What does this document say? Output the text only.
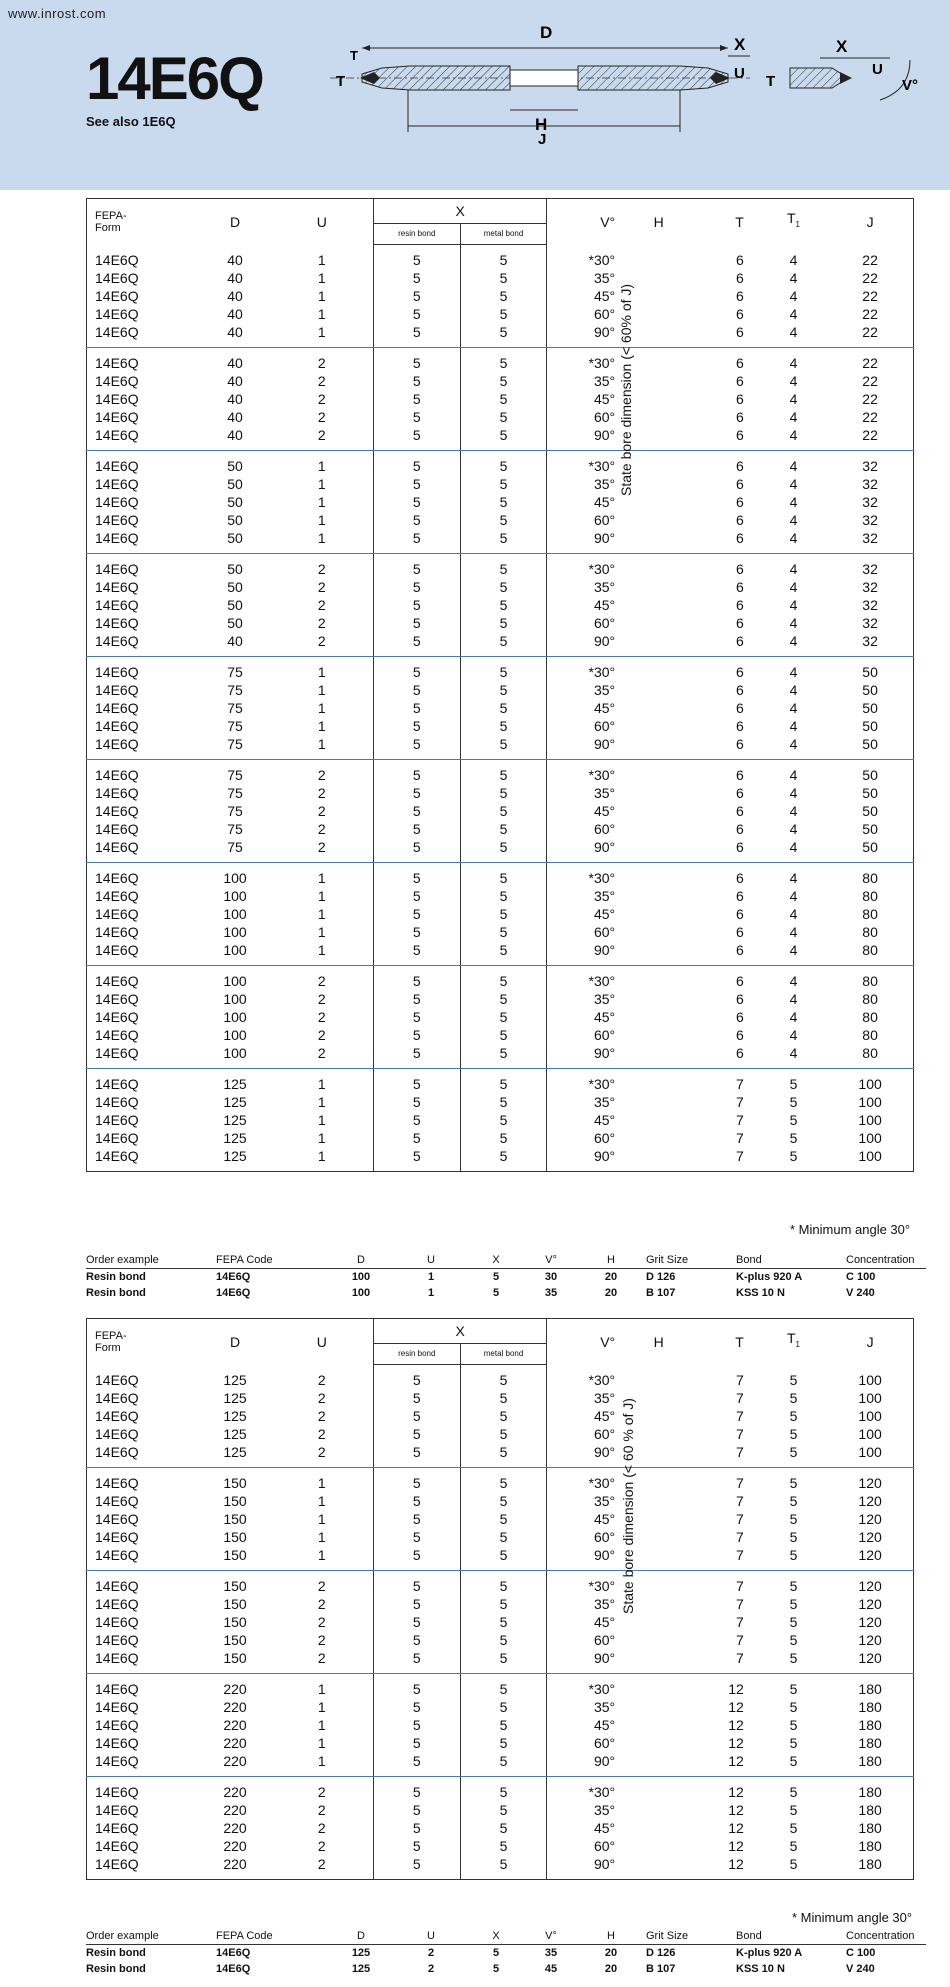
www.inrost.com
14E6Q
See also 1E6Q
D
X
H
J
T
T
U
X
T
U
V°
FEPA-
Form	D	U	X		V°	H	T	$T_1$	J
			resin bond	metal bond					
14E6Q	40	1	5	5	*30°		6	4	22
14E6Q	40	1	5	5	35°		6	4	22
14E6Q	40	1	5	5	45°		6	4	22
14E6Q	40	1	5	5	60°		6	4	22
14E6Q	40	1	5	5	90°		6	4	22
14E6Q	40	2	5	5	*30°		6	4	22
14E6Q	40	2	5	5	35°		6	4	22
14E6Q	40	2	5	5	45°		6	4	22
14E6Q	40	2	5	5	60°		6	4	22
14E6Q	40	2	5	5	90°		6	4	22
14E6Q	50	1	5	5	*30°		6	4	32
14E6Q	50	1	5	5	35°		6	4	32
14E6Q	50	1	5	5	45°		6	4	32
14E6Q	50	1	5	5	60°		6	4	32
14E6Q	50	1	5	5	90°		6	4	32
14E6Q	50	2	5	5	*30°		6	4	32
14E6Q	50	2	5	5	35°		6	4	32
14E6Q	50	2	5	5	45°		6	4	32
14E6Q	50	2	5	5	60°		6	4	32
14E6Q	40	2	5	5	90°		6	4	32
14E6Q	75	1	5	5	*30°		6	4	50
14E6Q	75	1	5	5	35°		6	4	50
14E6Q	75	1	5	5	45°		6	4	50
14E6Q	75	1	5	5	60°		6	4	50
14E6Q	75	1	5	5	90°		6	4	50
14E6Q	75	2	5	5	*30°		6	4	50
14E6Q	75	2	5	5	35°		6	4	50
14E6Q	75	2	5	5	45°		6	4	50
14E6Q	75	2	5	5	60°		6	4	50
14E6Q	75	2	5	5	90°		6	4	50
14E6Q	100	1	5	5	*30°		6	4	80
14E6Q	100	1	5	5	35°		6	4	80
14E6Q	100	1	5	5	45°		6	4	80
14E6Q	100	1	5	5	60°		6	4	80
14E6Q	100	1	5	5	90°		6	4	80
14E6Q	100	2	5	5	*30°		6	4	80
14E6Q	100	2	5	5	35°		6	4	80
14E6Q	100	2	5	5	45°		6	4	80
14E6Q	100	2	5	5	60°		6	4	80
14E6Q	100	2	5	5	90°		6	4	80
14E6Q	125	1	5	5	*30°		7	5	100
14E6Q	125	1	5	5	35°		7	5	100
14E6Q	125	1	5	5	45°		7	5	100
14E6Q	125	1	5	5	60°		7	5	100
14E6Q	125	1	5	5	90°		7	5	100
State bore dimension (< 60% of J)
* Minimum angle 30°
Order example	FEPA Code	D	U	X	V°	H	Grit Size	Bond	Concentration
Resin bond	14E6Q	100	1	5	30	20	D 126	K-plus 920 A	C 100
Resin bond	14E6Q	100	1	5	35	20	B 107	KSS 10 N	V 240
FEPA-
Form	D	U	X		V°	H	T	$T_1$	J
			resin bond	metal bond					
14E6Q	125	2	5	5	*30°		7	5	100
14E6Q	125	2	5	5	35°		7	5	100
14E6Q	125	2	5	5	45°		7	5	100
14E6Q	125	2	5	5	60°		7	5	100
14E6Q	125	2	5	5	90°		7	5	100
14E6Q	150	1	5	5	*30°		7	5	120
14E6Q	150	1	5	5	35°		7	5	120
14E6Q	150	1	5	5	45°		7	5	120
14E6Q	150	1	5	5	60°		7	5	120
14E6Q	150	1	5	5	90°		7	5	120
14E6Q	150	2	5	5	*30°		7	5	120
14E6Q	150	2	5	5	35°		7	5	120
14E6Q	150	2	5	5	45°		7	5	120
14E6Q	150	2	5	5	60°		7	5	120
14E6Q	150	2	5	5	90°		7	5	120
14E6Q	220	1	5	5	*30°		12	5	180
14E6Q	220	1	5	5	35°		12	5	180
14E6Q	220	1	5	5	45°		12	5	180
14E6Q	220	1	5	5	60°		12	5	180
14E6Q	220	1	5	5	90°		12	5	180
14E6Q	220	2	5	5	*30°		12	5	180
14E6Q	220	2	5	5	35°		12	5	180
14E6Q	220	2	5	5	45°		12	5	180
14E6Q	220	2	5	5	60°		12	5	180
14E6Q	220	2	5	5	90°		12	5	180
State bore dimension (< 60 % of J)
* Minimum angle 30°
Order example	FEPA Code	D	U	X	V°	H	Grit Size	Bond	Concentration
Resin bond	14E6Q	125	2	5	35	20	D 126	K-plus 920 A	C 100
Resin bond	14E6Q	125	2	5	45	20	B 107	KSS 10 N	V 240
